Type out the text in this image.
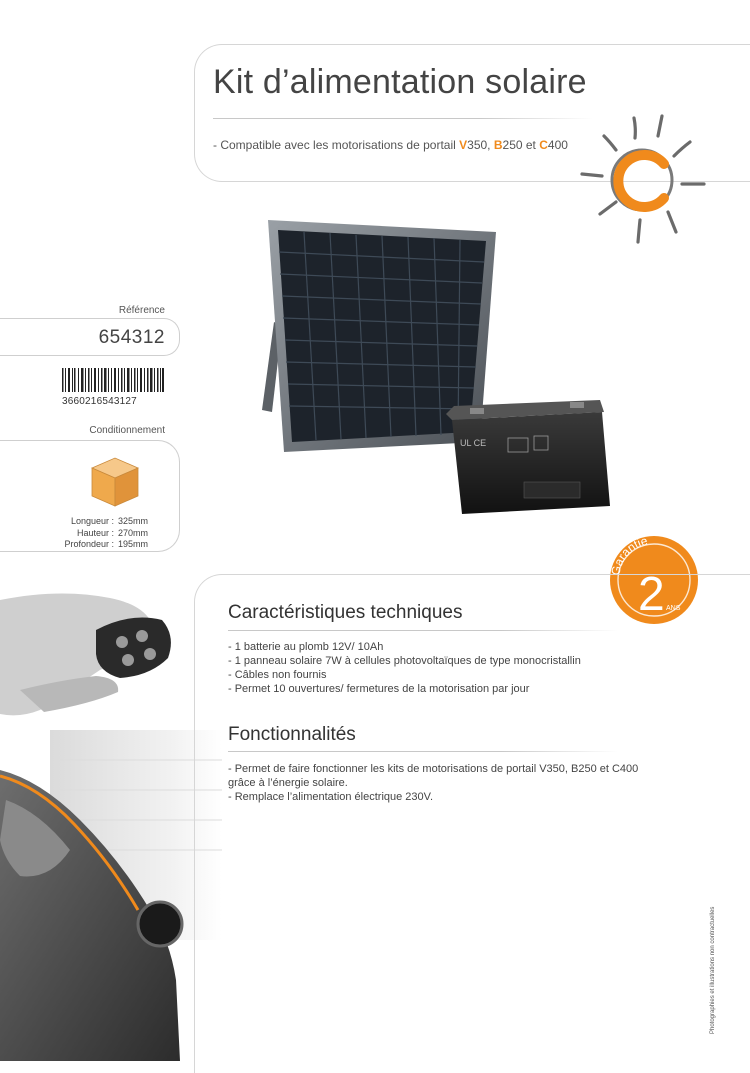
Kit d’alimentation solaire
- Compatible avec les motorisations de portail V350, B250 et C400
UL CE
Référence
654312
3660216543127
Conditionnement
Longueur : 325mm
Hauteur : 270mm
Profondeur : 195mm
Garantie
2 ANS
Caractéristiques techniques
- 1 batterie au plomb 12V/ 10Ah
- 1 panneau solaire 7W à cellules photovoltaïques de type monocristallin
- Câbles non fournis
- Permet 10 ouvertures/ fermetures de la motorisation par jour
Fonctionnalités
- Permet de faire fonctionner les kits de motorisations de portail V350, B250 et C400 grâce à l’énergie solaire.
- Remplace l’alimentation électrique 230V.
Photographies et illustrations non contractuelles
